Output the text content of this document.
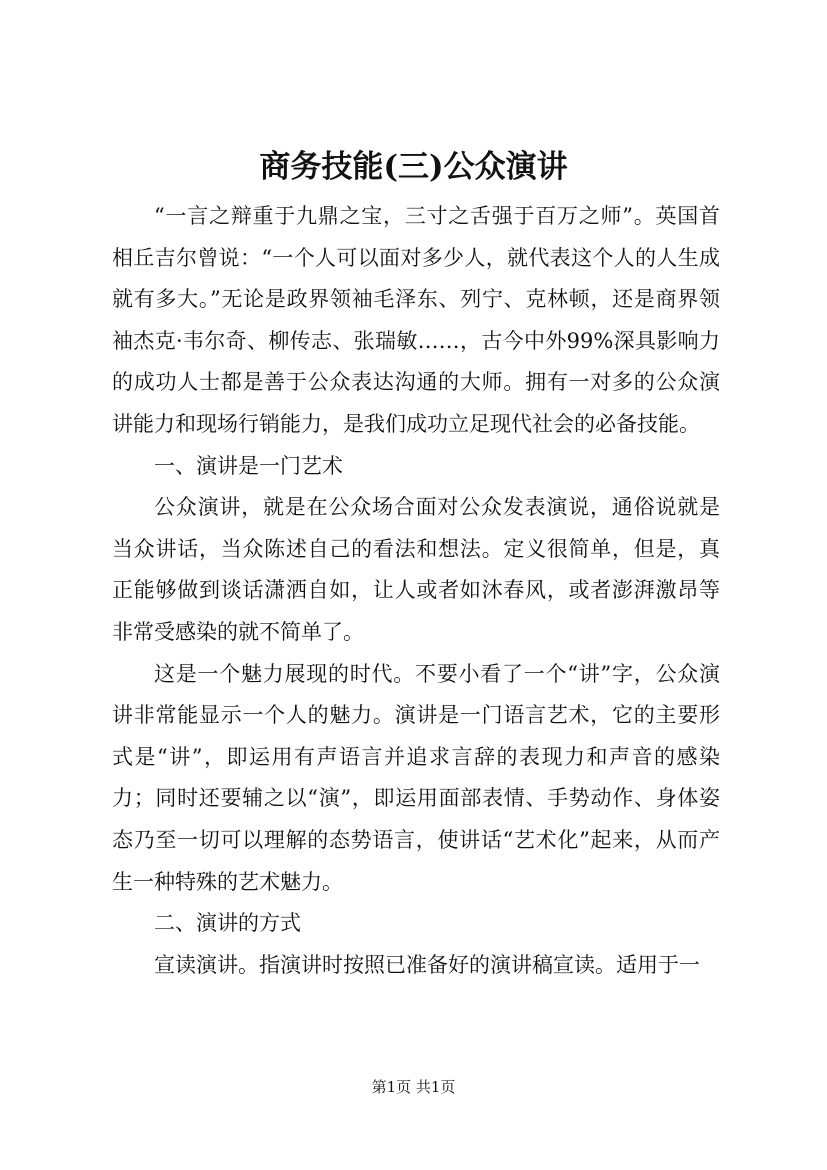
商务技能(三)公众演讲

“一言之辩重于九鼎之宝，三寸之舌强于百万之师”。英国首相丘吉尔曾说：“一个人可以面对多少人，就代表这个人的人生成就有多大。”无论是政界领袖毛泽东、列宁、克林顿，还是商界领袖杰克·韦尔奇、柳传志、张瑞敏……，古今中外99%深具影响力的成功人士都是善于公众表达沟通的大师。拥有一对多的公众演讲能力和现场行销能力，是我们成功立足现代社会的必备技能。

一、演讲是一门艺术

公众演讲，就是在公众场合面对公众发表演说，通俗说就是当众讲话，当众陈述自己的看法和想法。定义很简单，但是，真正能够做到谈话潇洒自如，让人或者如沐春风，或者澎湃激昂等非常受感染的就不简单了。

这是一个魅力展现的时代。不要小看了一个“讲”字，公众演讲非常能显示一个人的魅力。演讲是一门语言艺术，它的主要形式是“讲”，即运用有声语言并追求言辞的表现力和声音的感染力；同时还要辅之以“演”，即运用面部表情、手势动作、身体姿态乃至一切可以理解的态势语言，使讲话“艺术化”起来，从而产生一种特殊的艺术魅力。

二、演讲的方式

宣读演讲。指演讲时按照已准备好的演讲稿宣读。适用于一

第1页 共1页
